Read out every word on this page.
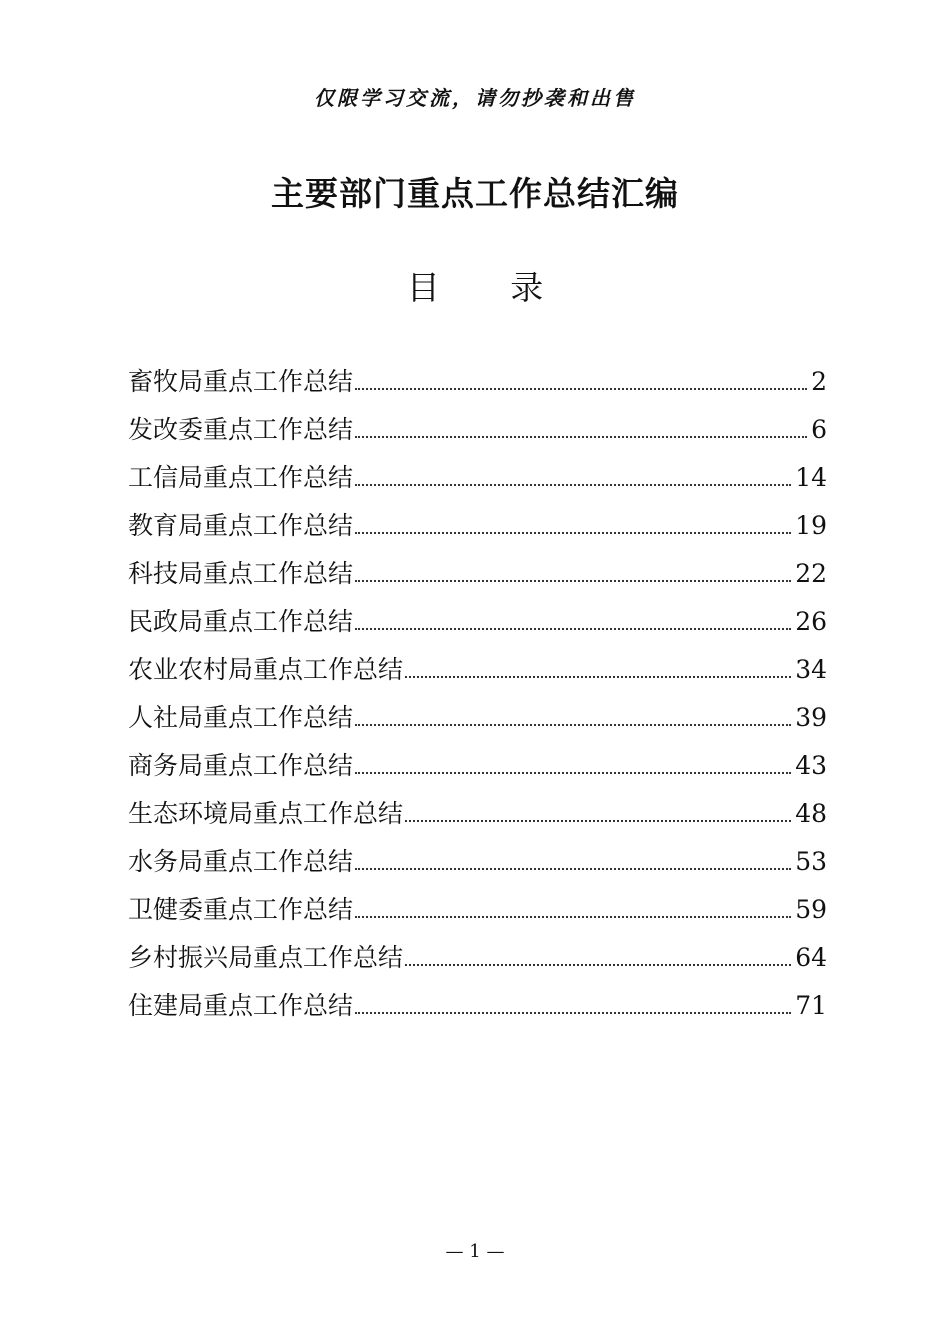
仅限学习交流，请勿抄袭和出售
主要部门重点工作总结汇编
目 录
畜牧局重点工作总结	2
发改委重点工作总结	6
工信局重点工作总结	14
教育局重点工作总结	19
科技局重点工作总结	22
民政局重点工作总结	26
农业农村局重点工作总结	34
人社局重点工作总结	39
商务局重点工作总结	43
生态环境局重点工作总结	48
水务局重点工作总结	53
卫健委重点工作总结	59
乡村振兴局重点工作总结	64
住建局重点工作总结	71
— 1 —
